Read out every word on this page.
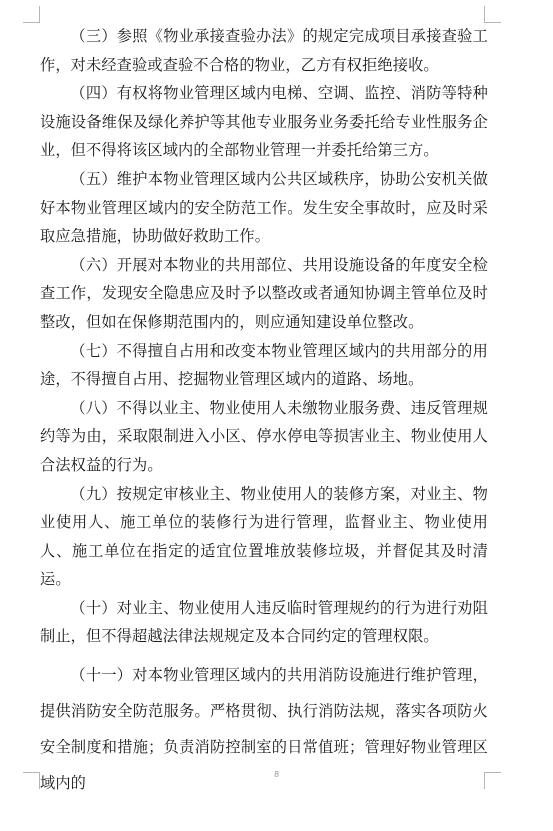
（三）参照《物业承接查验办法》的规定完成项目承接查验工作，对未经查验或查验不合格的物业，乙方有权拒绝接收。

（四）有权将物业管理区域内电梯、空调、监控、消防等特种设施设备维保及绿化养护等其他专业服务业务委托给专业性服务企业，但不得将该区域内的全部物业管理一并委托给第三方。

（五）维护本物业管理区域内公共区域秩序，协助公安机关做好本物业管理区域内的安全防范工作。发生安全事故时，应及时采取应急措施，协助做好救助工作。

（六）开展对本物业的共用部位、共用设施设备的年度安全检查工作，发现安全隐患应及时予以整改或者通知协调主管单位及时整改，但如在保修期范围内的，则应通知建设单位整改。

（七）不得擅自占用和改变本物业管理区域内的共用部分的用途，不得擅自占用、挖掘物业管理区域内的道路、场地。

（八）不得以业主、物业使用人未缴物业服务费、违反管理规约等为由，采取限制进入小区、停水停电等损害业主、物业使用人合法权益的行为。

（九）按规定审核业主、物业使用人的装修方案，对业主、物业使用人、施工单位的装修行为进行管理，监督业主、物业使用人、施工单位在指定的适宜位置堆放装修垃圾，并督促其及时清运。

（十）对业主、物业使用人违反临时管理规约的行为进行劝阻制止，但不得超越法律法规规定及本合同约定的管理权限。

（十一）对本物业管理区域内的共用消防设施进行维护管理，提供消防安全防范服务。严格贯彻、执行消防法规，落实各项防火安全制度和措施；负责消防控制室的日常值班；管理好物业管理区域内的	8
